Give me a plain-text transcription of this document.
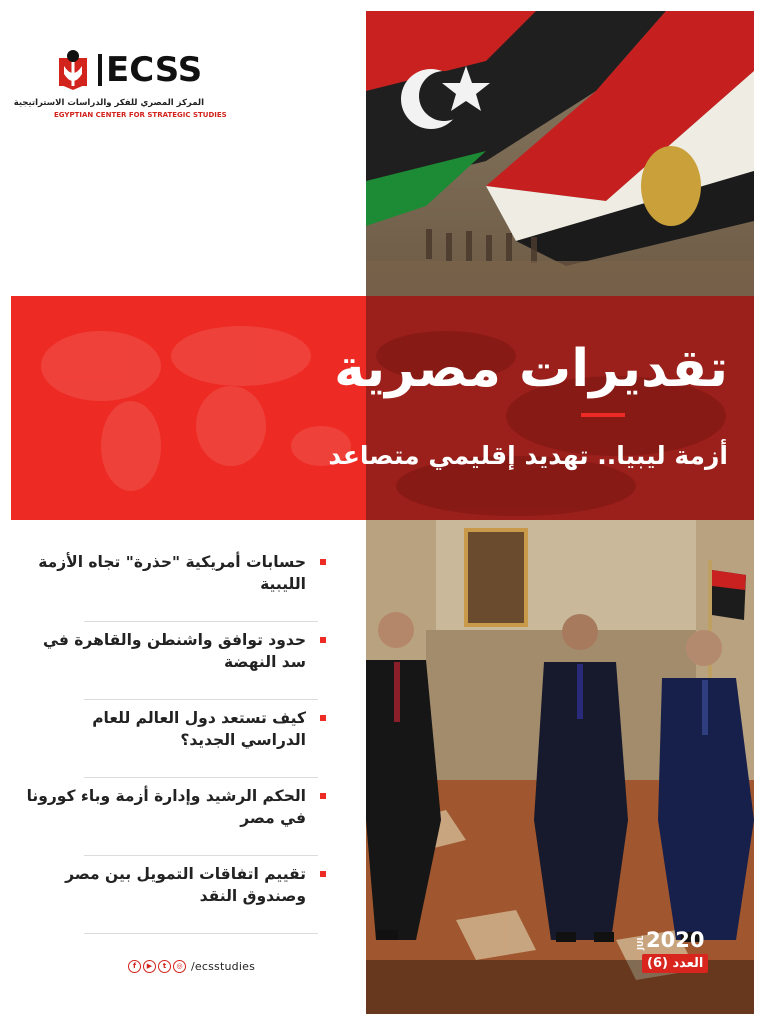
ECSS
المركز المصري للفكر والدراسات الاستراتيجية
EGYPTIAN CENTER FOR STRATEGIC STUDIES
تقديرات مصرية
أزمة ليبيا.. تهديد إقليمي متصاعد
حسابات أمريكية "حذرة" تجاه الأزمة الليبية
حدود توافق واشنطن والقاهرة في سد النهضة
كيف تستعد دول العالم للعام الدراسي الجديد؟
الحكم الرشيد وإدارة أزمة وباء كورونا في مصر
تقييم اتفاقات التمويل بين مصر وصندوق النقد
f	▶	t	◎ /ecsstudies
JUL 2020
العدد (6)
